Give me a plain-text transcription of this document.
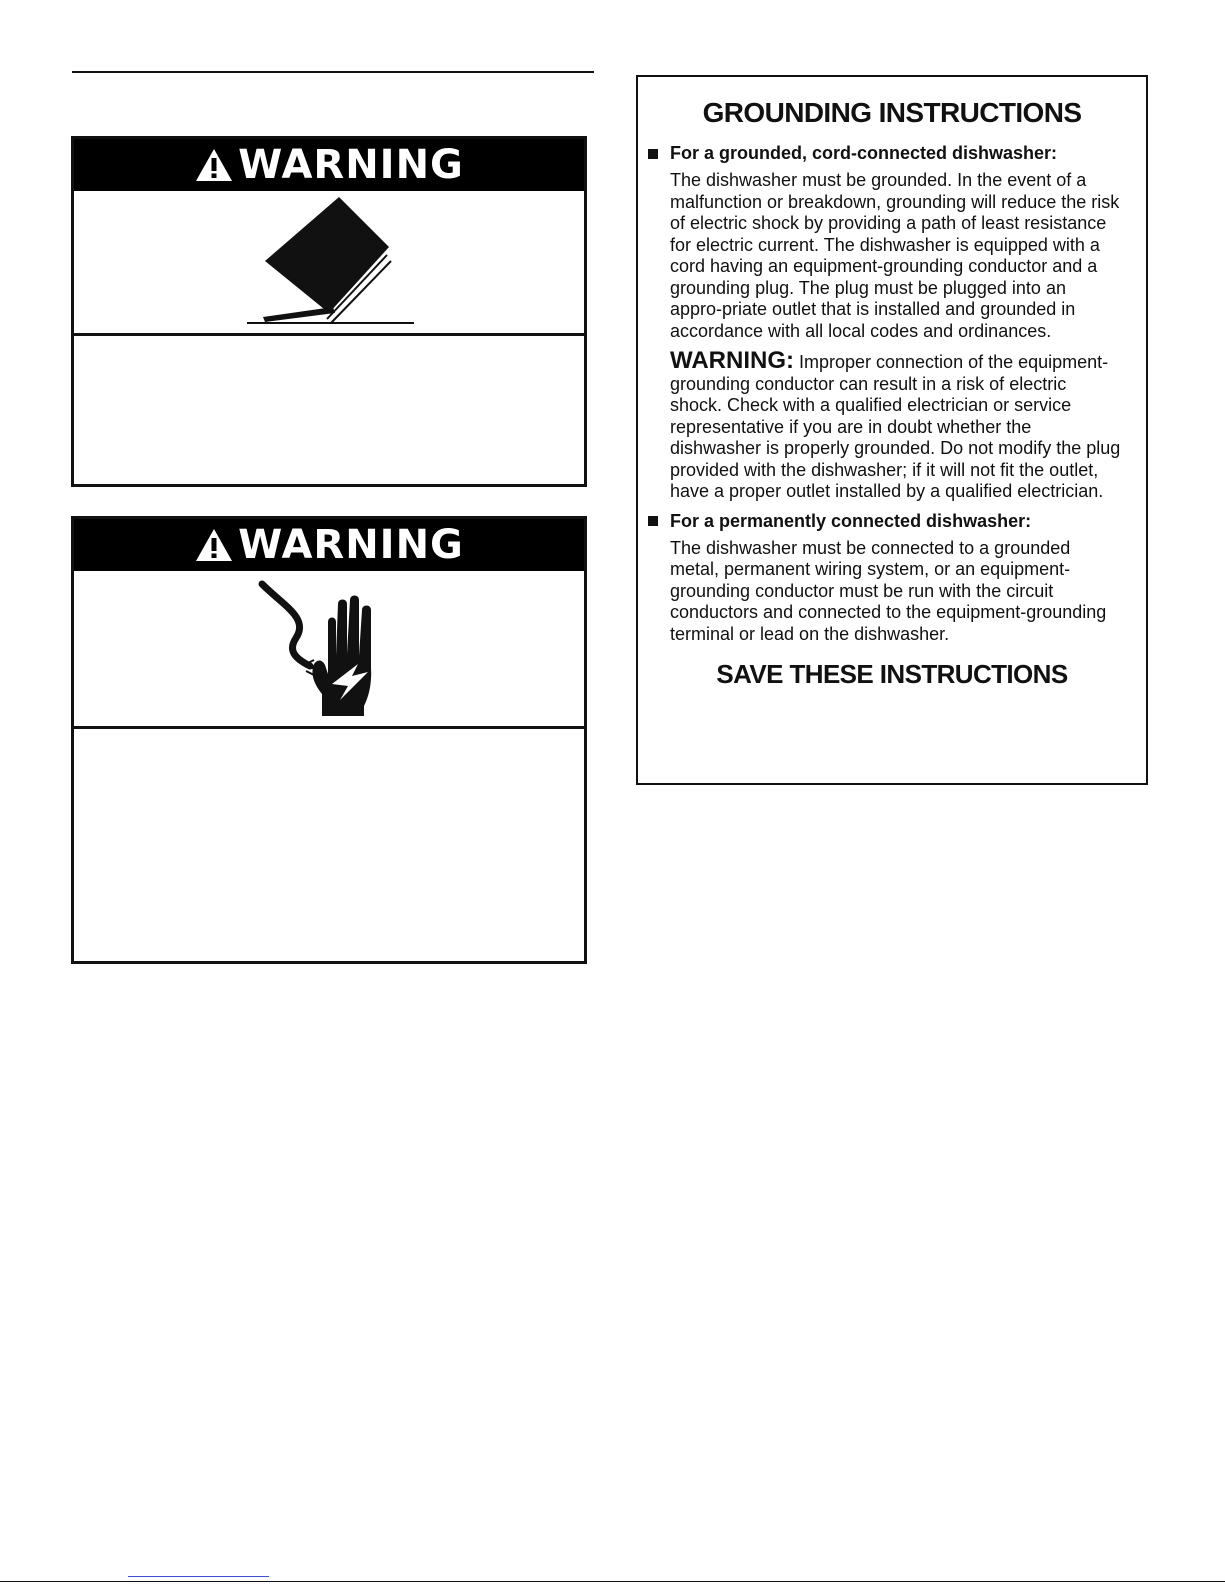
WARNING
WARNING
GROUNDING INSTRUCTIONS
For a grounded, cord-connected dishwasher:

The dishwasher must be grounded. In the event of a malfunction or breakdown, grounding will reduce the risk of electric shock by providing a path of least resistance for electric current. The dishwasher is equipped with a cord having an equipment-grounding conductor and a grounding plug. The plug must be plugged into an appro-priate outlet that is installed and grounded in accordance with all local codes and ordinances.

WARNING: Improper connection of the equipment-grounding conductor can result in a risk of electric shock. Check with a qualified electrician or service representative if you are in doubt whether the dishwasher is properly grounded. Do not modify the plug provided with the dishwasher; if it will not fit the outlet, have a proper outlet installed by a qualified electrician.

For a permanently connected dishwasher:

The dishwasher must be connected to a grounded metal, permanent wiring system, or an equipment-grounding conductor must be run with the circuit conductors and connected to the equipment-grounding terminal or lead on the dishwasher.

SAVE THESE INSTRUCTIONS
